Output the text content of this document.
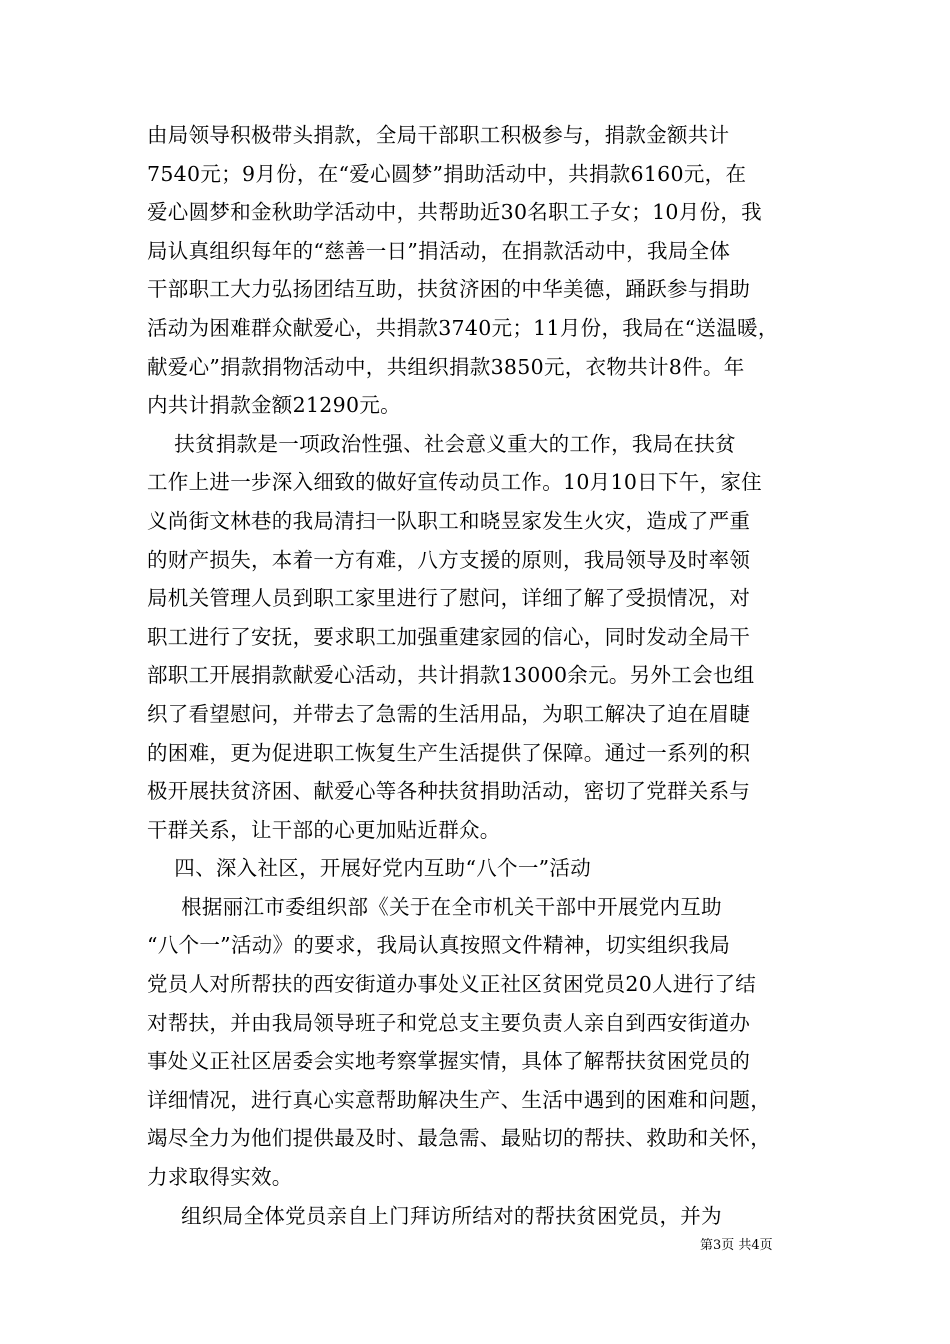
由局领导积极带头捐款，全局干部职工积极参与，捐款金额共计
7540元；9月份，在“爱心圆梦”捐助活动中，共捐款6160元，在
爱心圆梦和金秋助学活动中，共帮助近30名职工子女；10月份，我
局认真组织每年的“慈善一日”捐活动，在捐款活动中，我局全体
干部职工大力弘扬团结互助，扶贫济困的中华美德，踊跃参与捐助
活动为困难群众献爱心，共捐款3740元；11月份，我局在“送温暖，
献爱心”捐款捐物活动中，共组织捐款3850元，衣物共计8件。年
内共计捐款金额21290元。
扶贫捐款是一项政治性强、社会意义重大的工作，我局在扶贫
工作上进一步深入细致的做好宣传动员工作。10月10日下午，家住
义尚街文林巷的我局清扫一队职工和晓昱家发生火灾，造成了严重
的财产损失，本着一方有难，八方支援的原则，我局领导及时率领
局机关管理人员到职工家里进行了慰问，详细了解了受损情况，对
职工进行了安抚，要求职工加强重建家园的信心，同时发动全局干
部职工开展捐款献爱心活动，共计捐款13000余元。另外工会也组
织了看望慰问，并带去了急需的生活用品，为职工解决了迫在眉睫
的困难，更为促进职工恢复生产生活提供了保障。通过一系列的积
极开展扶贫济困、献爱心等各种扶贫捐助活动，密切了党群关系与
干群关系，让干部的心更加贴近群众。
四、深入社区，开展好党内互助“八个一”活动
根据丽江市委组织部《关于在全市机关干部中开展党内互助
“八个一”活动》的要求，我局认真按照文件精神，切实组织我局
党员人对所帮扶的西安街道办事处义正社区贫困党员20人进行了结
对帮扶，并由我局领导班子和党总支主要负责人亲自到西安街道办
事处义正社区居委会实地考察掌握实情，具体了解帮扶贫困党员的
详细情况，进行真心实意帮助解决生产、生活中遇到的困难和问题，
竭尽全力为他们提供最及时、最急需、最贴切的帮扶、救助和关怀，
力求取得实效。
组织局全体党员亲自上门拜访所结对的帮扶贫困党员，并为
第3页 共4页
